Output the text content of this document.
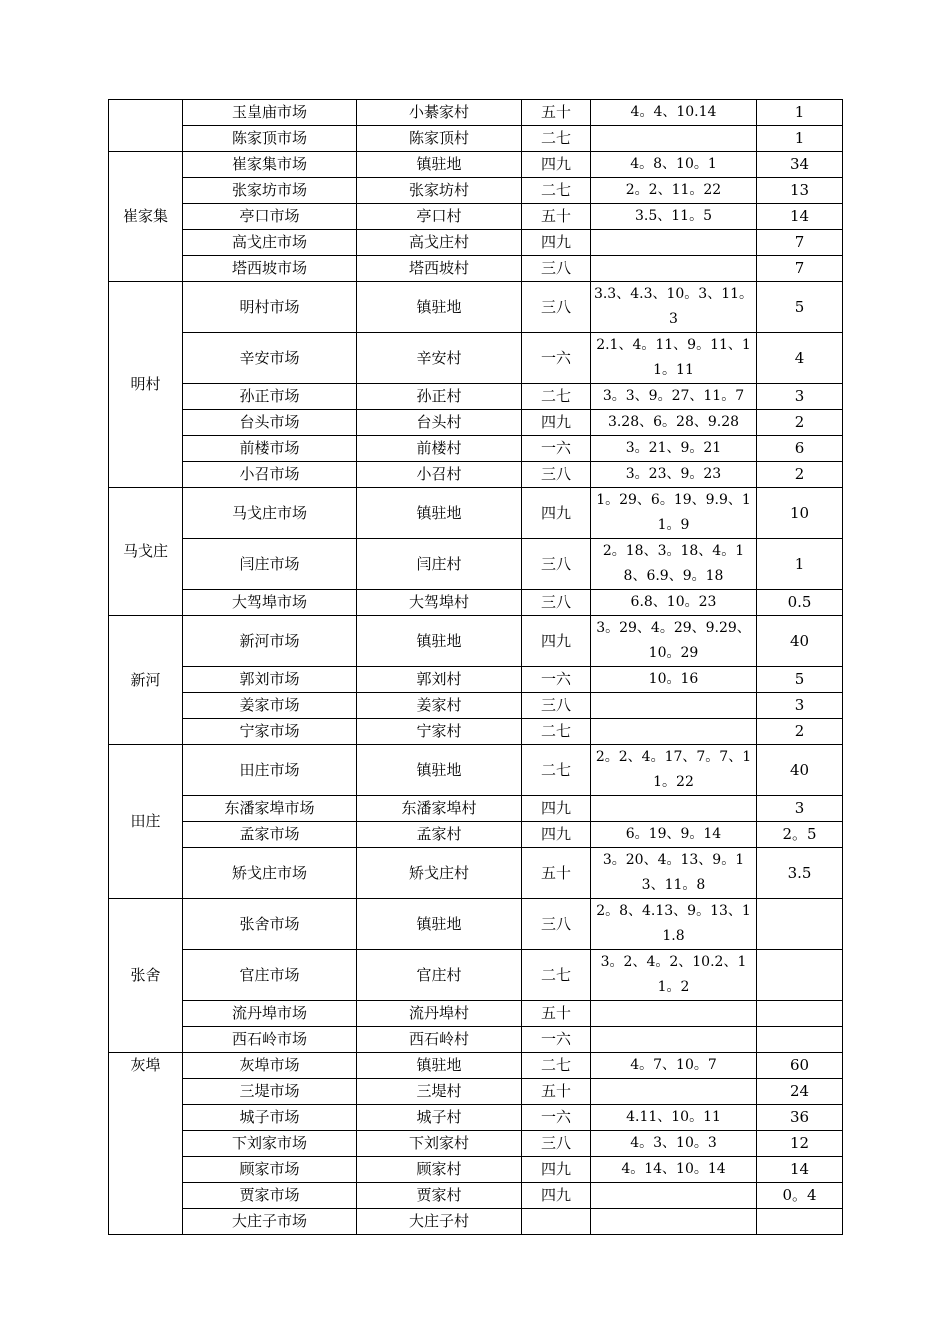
	玉皇庙市场	小綦家村	五十	4。4、10.14	1
	陈家顶市场	陈家顶村	二七		1
崔家集	崔家集市场	镇驻地	四九	4。8、10。1	34
	张家坊市场	张家坊村	二七	2。2、11。22	13
	亭口市场	亭口村	五十	3.5、11。5	14
	高戈庄市场	高戈庄村	四九		7
	塔西坡市场	塔西坡村	三八		7
明村	明村市场	镇驻地	三八	3.3、4.3、10。3、11。3	5
	辛安市场	辛安村	一六	2.1、4。11、9。11、11。11	4
	孙正市场	孙正村	二七	3。3、9。27、11。7	3
	台头市场	台头村	四九	3.28、6。28、9.28	2
	前楼市场	前楼村	一六	3。21、9。21	6
	小召市场	小召村	三八	3。23、9。23	2
马戈庄	马戈庄市场	镇驻地	四九	1。29、6。19、9.9、11。9	10
	闫庄市场	闫庄村	三八	2。18、3。18、4。18、6.9、9。18	1
	大驾埠市场	大驾埠村	三八	6.8、10。23	0.5
新河	新河市场	镇驻地	四九	3。29、4。29、9.29、10。29	40
	郭刘市场	郭刘村	一六	10。16	5
	姜家市场	姜家村	三八		3
	宁家市场	宁家村	二七		2
田庄	田庄市场	镇驻地	二七	2。2、4。17、7。7、11。22	40
	东潘家埠市场	东潘家埠村	四九		3
	孟家市场	孟家村	四九	6。19、9。14	2。5
	矫戈庄市场	矫戈庄村	五十	3。20、4。13、9。13、11。8	3.5
张舍	张舍市场	镇驻地	三八	2。8、4.13、9。13、11.8	
	官庄市场	官庄村	二七	3。2、4。2、10.2、11。2	
	流丹埠市场	流丹埠村	五十		
	西石岭市场	西石岭村	一六		
灰埠	灰埠市场	镇驻地	二七	4。7、10。7	60
	三堤市场	三堤村	五十		24
	城子市场	城子村	一六	4.11、10。11	36
	下刘家市场	下刘家村	三八	4。3、10。3	12
	顾家市场	顾家村	四九	4。14、10。14	14
	贾家市场	贾家村	四九		0。4
	大庄子市场	大庄子村			
